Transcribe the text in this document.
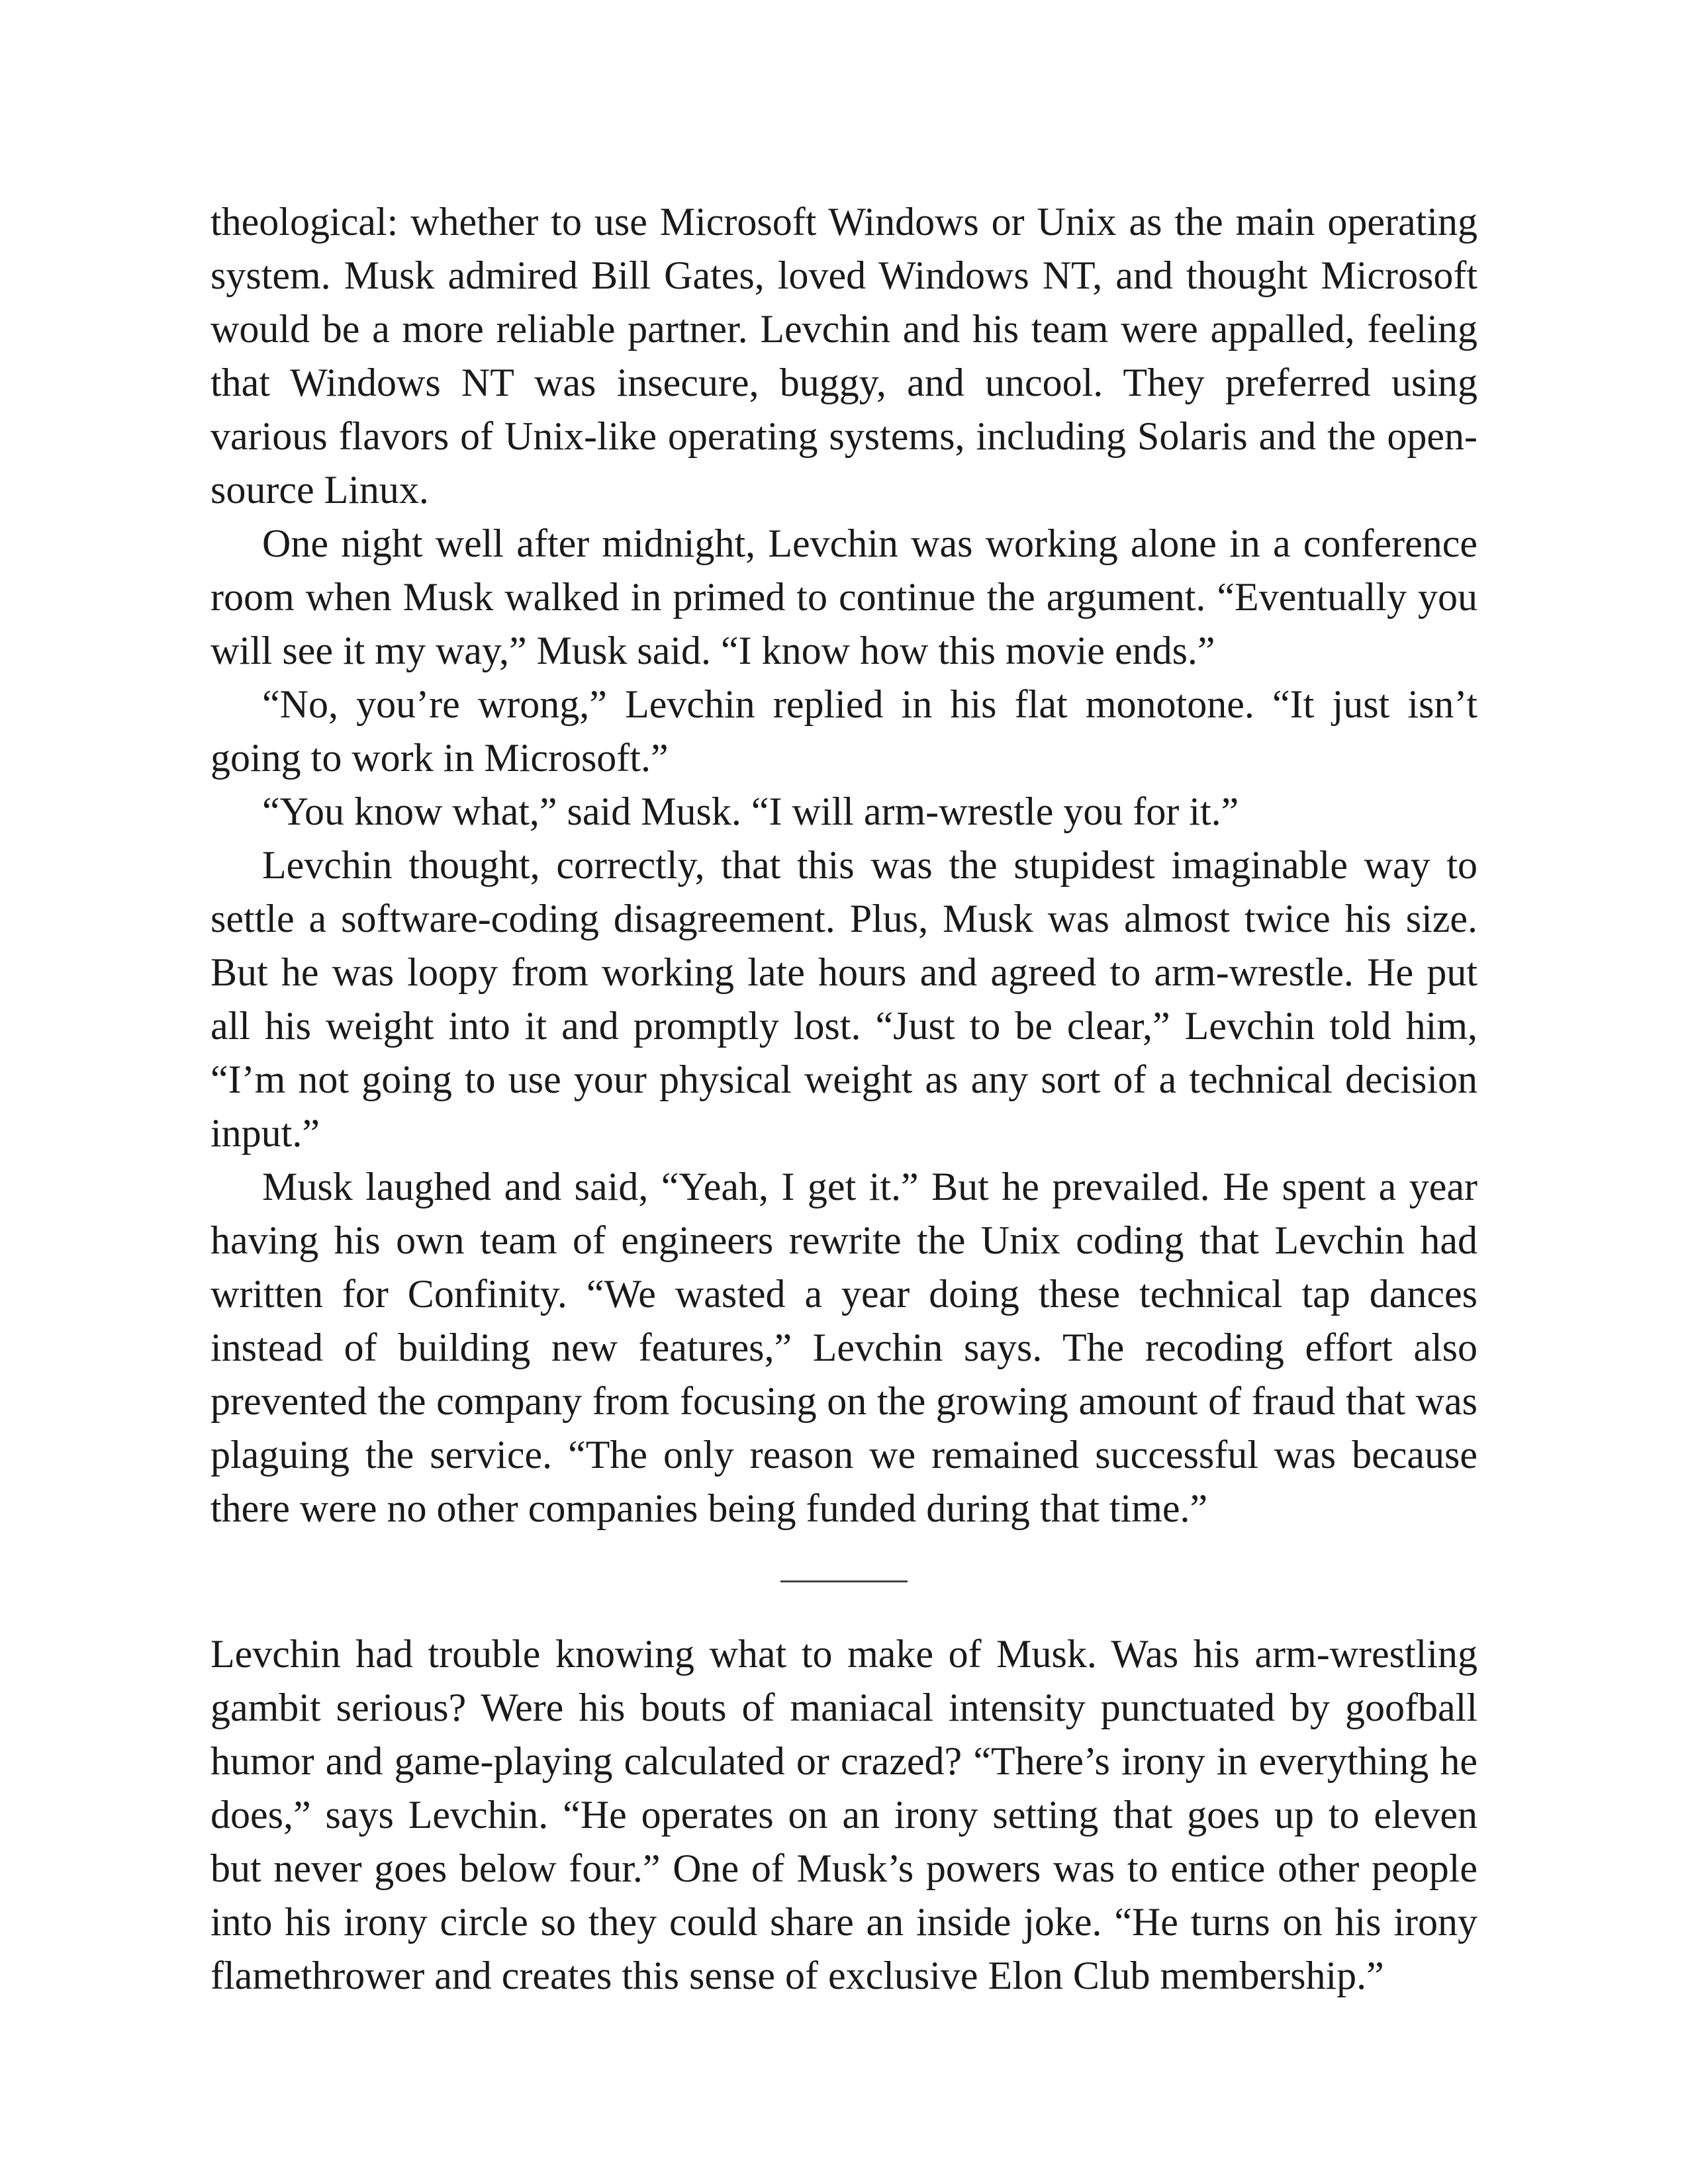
theological: whether to use Microsoft Windows or Unix as the main operating system. Musk admired Bill Gates, loved Windows NT, and thought Microsoft would be a more reliable partner. Levchin and his team were appalled, feeling that Windows NT was insecure, buggy, and uncool. They preferred using various flavors of Unix-like operating systems, including Solaris and the opensource Linux.

One night well after midnight, Levchin was working alone in a conference room when Musk walked in primed to continue the argument. “Eventually you will see it my way,” Musk said. “I know how this movie ends.”

“No, you’re wrong,” Levchin replied in his flat monotone. “It just isn’t going to work in Microsoft.”

“You know what,” said Musk. “I will arm-wrestle you for it.”

Levchin thought, correctly, that this was the stupidest imaginable way to settle a software-coding disagreement. Plus, Musk was almost twice his size. But he was loopy from working late hours and agreed to arm-wrestle. He put all his weight into it and promptly lost. “Just to be clear,” Levchin told him, “I’m not going to use your physical weight as any sort of a technical decision input.”

Musk laughed and said, “Yeah, I get it.” But he prevailed. He spent a year having his own team of engineers rewrite the Unix coding that Levchin had written for Confinity. “We wasted a year doing these technical tap dances instead of building new features,” Levchin says. The recoding effort also prevented the company from focusing on the growing amount of fraud that was plaguing the service. “The only reason we remained successful was because there were no other companies being funded during that time.”

Levchin had trouble knowing what to make of Musk. Was his arm-wrestling gambit serious? Were his bouts of maniacal intensity punctuated by goofball humor and game-playing calculated or crazed? “There’s irony in everything he does,” says Levchin. “He operates on an irony setting that goes up to eleven but never goes below four.” One of Musk’s powers was to entice other people into his irony circle so they could share an inside joke. “He turns on his irony flamethrower and creates this sense of exclusive Elon Club membership.”
